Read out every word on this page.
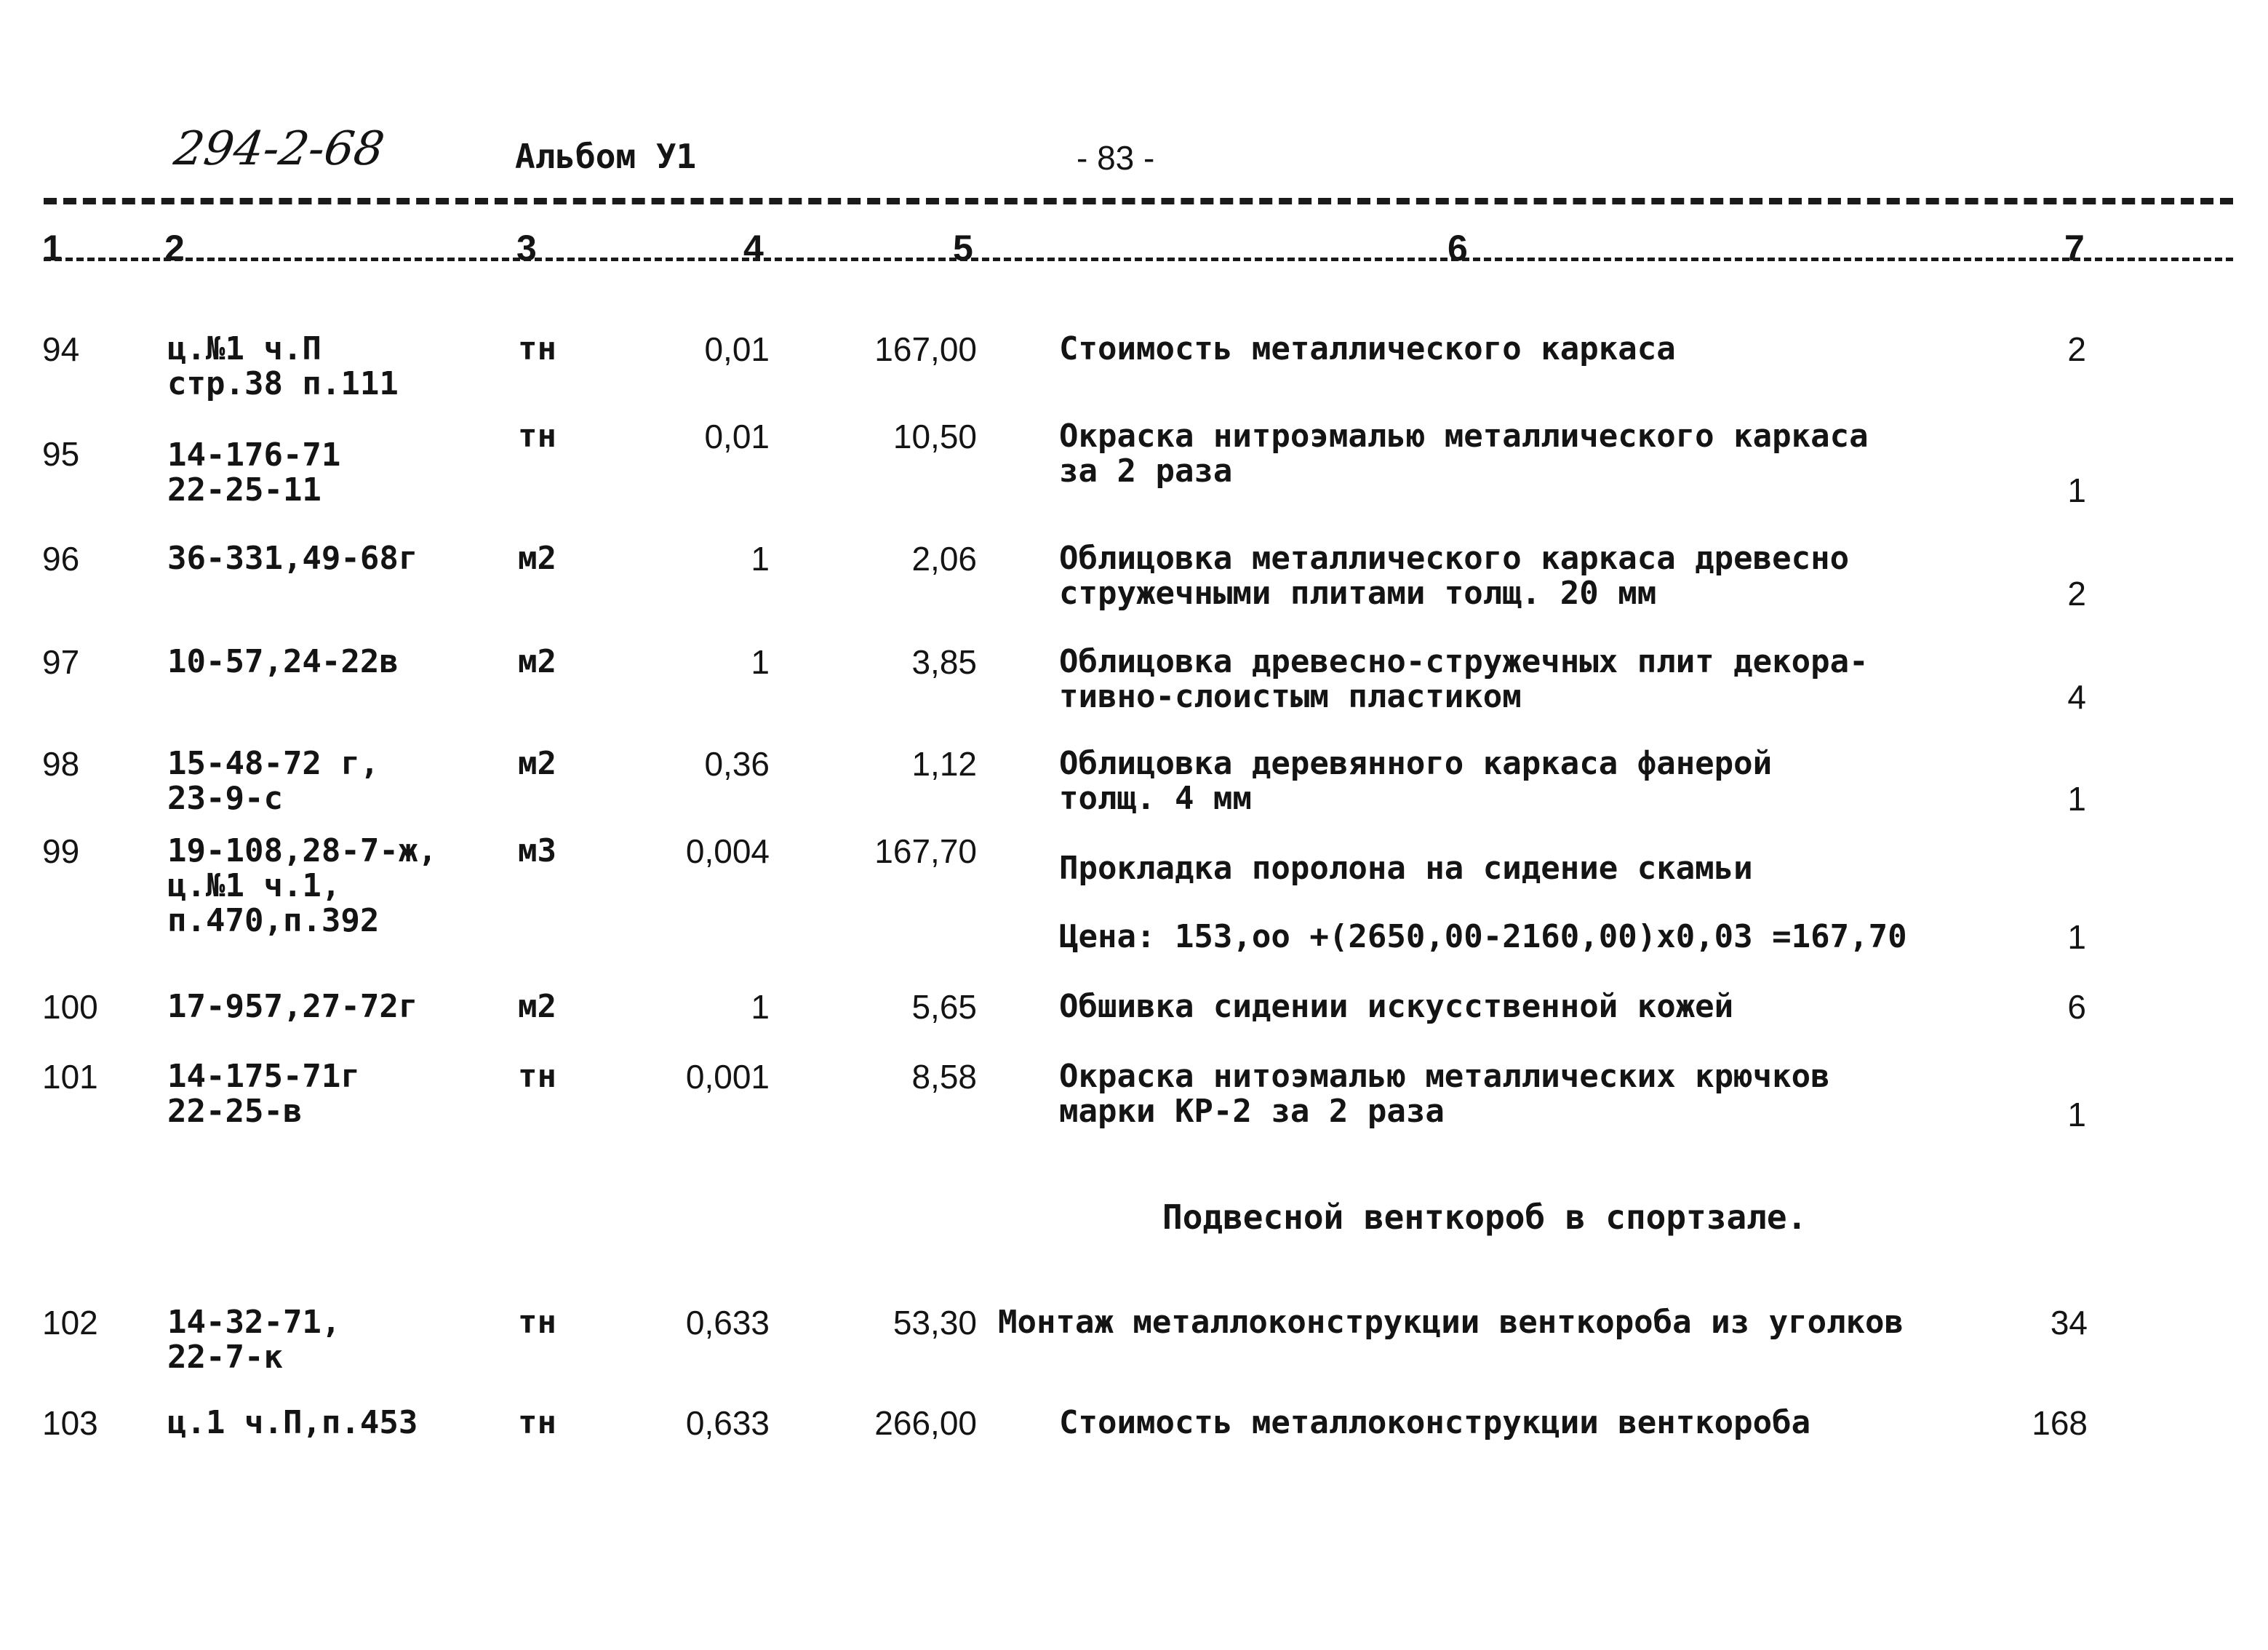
294-2-68	Альбом У1	- 83 -
1	2	3	4	5	6	7
94	ц.№1 ч.П
стр.38 п.111
тн	0,01	167,00	Стоимость металлического каркаса	2
95	14-176-71
22-25-11
тн	0,01	10,50	Окраска нитроэмалью металлического каркаса
за 2 раза
1
96	36-331,49-68г	м2	1	2,06	Облицовка металлического каркаса древесно
стружечными плитами толщ. 20 мм	2
97	10-57,24-22в	м2	1	3,85	Облицовка древесно-стружечных плит декора-
тивно-слоистым пластиком	4
98	15-48-72 г,
23-9-с
м2	0,36	1,12	Облицовка деревянного каркаса фанерой
толщ. 4 мм	1
99	19-108,28-7-ж,
ц.№1 ч.1,
п.470,п.392
м3	0,004	167,70	Прокладка поролона на сидение скамьи
Цена: 153,оо +(2650,00-2160,00)х0,03 =167,70	1
100 17-957,27-72г	м2	1	5,65	Обшивка сидении искусственной кожей	6
101 14-175-71г
22-25-в
тн	0,001	8,58	Окраска нитоэмалью металлических крючков
марки КР-2 за 2 раза	1
Подвесной венткороб в спортзале.
102 14-32-71,
22-7-к
тн	0,633	53,30 Монтаж металлоконструкции венткороба из уголков	34
103 ц.1 ч.П,п.453	тн	0,633	266,00	Стоимость металлоконструкции венткороба	168
